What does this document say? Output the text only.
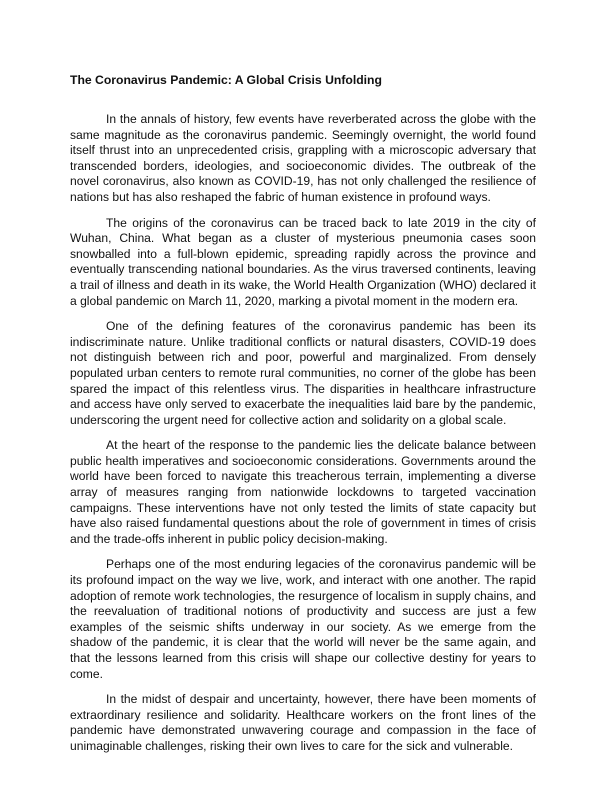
The Coronavirus Pandemic: A Global Crisis Unfolding

In the annals of history, few events have reverberated across the globe with the same magnitude as the coronavirus pandemic. Seemingly overnight, the world found itself thrust into an unprecedented crisis, grappling with a microscopic adversary that transcended borders, ideologies, and socioeconomic divides. The outbreak of the novel coronavirus, also known as COVID-19, has not only challenged the resilience of nations but has also reshaped the fabric of human existence in profound ways.

The origins of the coronavirus can be traced back to late 2019 in the city of Wuhan, China. What began as a cluster of mysterious pneumonia cases soon snowballed into a full-blown epidemic, spreading rapidly across the province and eventually transcending national boundaries. As the virus traversed continents, leaving a trail of illness and death in its wake, the World Health Organization (WHO) declared it a global pandemic on March 11, 2020, marking a pivotal moment in the modern era.

One of the defining features of the coronavirus pandemic has been its indiscriminate nature. Unlike traditional conflicts or natural disasters, COVID-19 does not distinguish between rich and poor, powerful and marginalized. From densely populated urban centers to remote rural communities, no corner of the globe has been spared the impact of this relentless virus. The disparities in healthcare infrastructure and access have only served to exacerbate the inequalities laid bare by the pandemic, underscoring the urgent need for collective action and solidarity on a global scale.

At the heart of the response to the pandemic lies the delicate balance between public health imperatives and socioeconomic considerations. Governments around the world have been forced to navigate this treacherous terrain, implementing a diverse array of measures ranging from nationwide lockdowns to targeted vaccination campaigns. These interventions have not only tested the limits of state capacity but have also raised fundamental questions about the role of government in times of crisis and the trade-offs inherent in public policy decision-making.

Perhaps one of the most enduring legacies of the coronavirus pandemic will be its profound impact on the way we live, work, and interact with one another. The rapid adoption of remote work technologies, the resurgence of localism in supply chains, and the reevaluation of traditional notions of productivity and success are just a few examples of the seismic shifts underway in our society. As we emerge from the shadow of the pandemic, it is clear that the world will never be the same again, and that the lessons learned from this crisis will shape our collective destiny for years to come.

In the midst of despair and uncertainty, however, there have been moments of extraordinary resilience and solidarity. Healthcare workers on the front lines of the pandemic have demonstrated unwavering courage and compassion in the face of unimaginable challenges, risking their own lives to care for the sick and vulnerable.
